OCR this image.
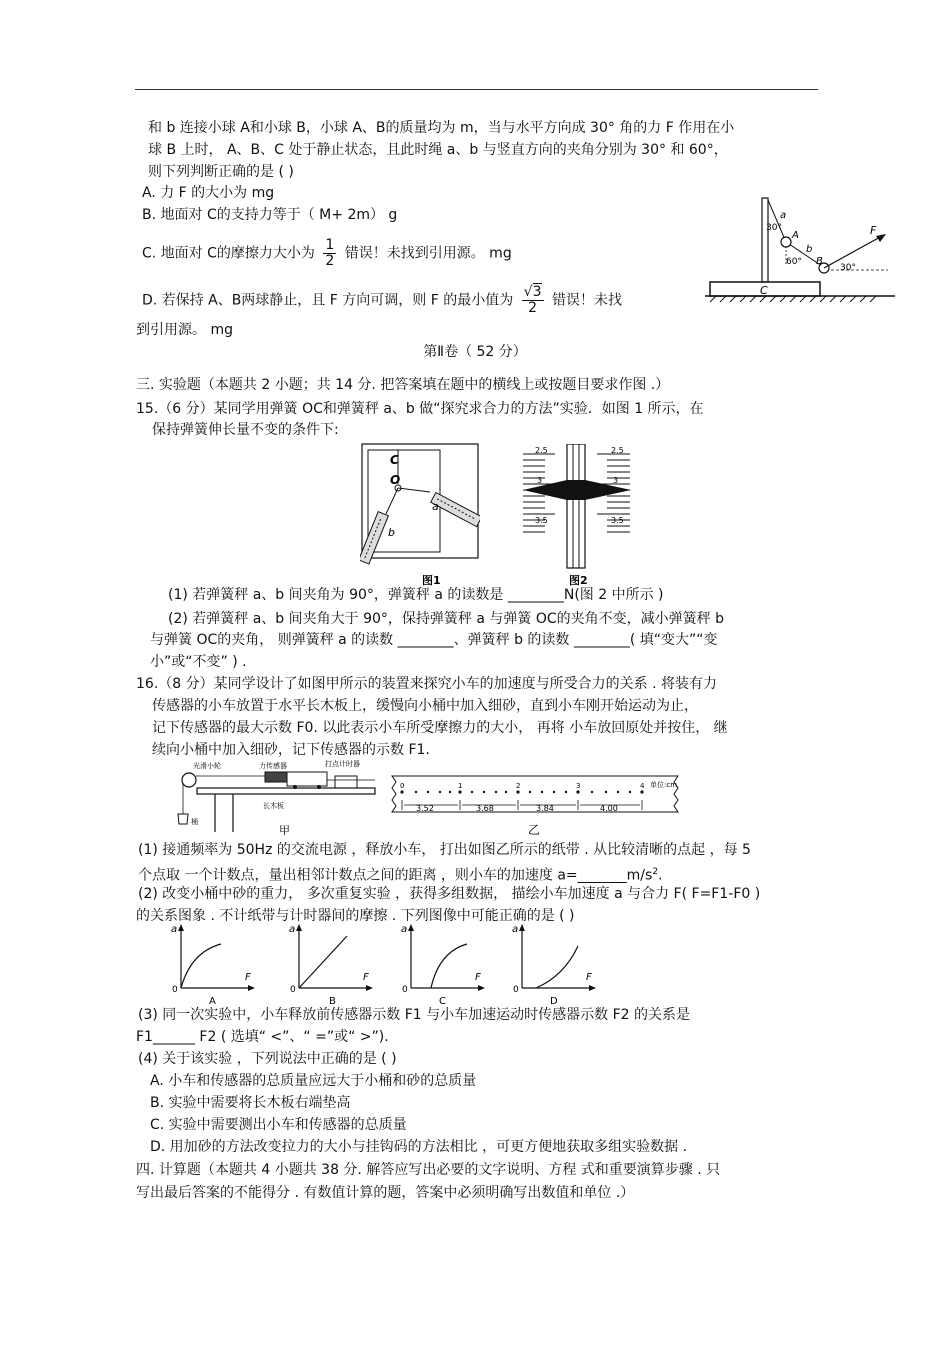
和 b 连接小球 A和小球 B，小球 A、B的质量均为 m，当与水平方向成 30° 角的力 F 作用在小
球 B 上时， A、B、C 处于静止状态，且此时绳 a、b 与竖直方向的夹角分别为 30° 和 60°，
则下列判断正确的是 ( )
A. 力 F 的大小为 mg
B. 地面对 C的支持力等于（ M+ 2m） g
C. 地面对 C的摩擦力大小为 $\frac{1}{2}$ 错误！未找到引用源。 mg
D. 若保持 A、B两球静止，且 F 方向可调，则 F 的最小值为 $\frac{√3}{2}$ 错误！未找
到引用源。 mg
C
a
b
A
B
F
30°
60°
30°
第Ⅱ卷（ 52 分）
三. 实验题（本题共 2 小题；共 14 分. 把答案填在题中的横线上或按题目要求作图 .）
15.（6 分）某同学用弹簧 OC和弹簧秤 a、b 做“探究求合力的方法”实验．如图 1 所示，在
保持弹簧伸长量不变的条件下:
C
O
a
b
图1
2.5
3
3.5
2.5
3
3.5
图2
(1) 若弹簧秤 a、b 间夹角为 90°，弹簧秤 a 的读数是 ________N(图 2 中所示 )
(2) 若弹簧秤 a、b 间夹角大于 90°，保持弹簧秤 a 与弹簧 OC的夹角不变，减小弹簧秤 b
与弹簧 OC的夹角， 则弹簧秤 a 的读数 ________、弹簧秤 b 的读数 ________( 填“变大”“变
小”或“不变” ) .
16.（8 分）某同学设计了如图甲所示的装置来探究小车的加速度与所受合力的关系 . 将装有力
传感器的小车放置于水平长木板上，缓慢向小桶中加入细砂，直到小车刚开始运动为止，
记下传感器的最大示数 F0. 以此表示小车所受摩擦力的大小， 再将 小车放回原处并按住， 继
续向小桶中加入细砂，记下传感器的示数 F1.
光滑小轮	力传感器	打点计时器
长木板
桶
甲
0	1	2	3	4 单位:cm
3.52	3.68	3.84	4.00
乙
(1) 接通频率为 50Hz 的交流电源 ，释放小车， 打出如图乙所示的纸带 . 从比较清晰的点起 ，每 5
个点取 一个计数点，量出相邻计数点之间的距离 ，则小车的加速度 $a=\_\_\_\_\_\_\_m/s^2$.
(2) 改变小桶中砂的重力， 多次重复实验 ，获得多组数据， 描绘小车加速度 a 与合力 F( F=F1-F0 )
的关系图象 . 不计纸带与计时器间的摩擦 . 下列图像中可能正确的是 ( )
a
F
0
A
a
F
0
B
a
F
0
C
a
F
0
D
(3) 同一次实验中，小车释放前传感器示数 F1 与小车加速运动时传感器示数 F2 的关系是
F1______ F2 ( 选填“ <”、“ =”或“ >”).
(4) 关于该实验 ，下列说法中正确的是 ( )
A. 小车和传感器的总质量应远大于小桶和砂的总质量
B. 实验中需要将长木板右端垫高
C. 实验中需要测出小车和传感器的总质量
D. 用加砂的方法改变拉力的大小与挂钩码的方法相比 ，可更方便地获取多组实验数据 .
四. 计算题（本题共 4 小题共 38 分. 解答应写出必要的文字说明、方程 式和重要演算步骤 . 只
写出最后答案的不能得分 . 有数值计算的题，答案中必须明确写出数值和单位 .）
